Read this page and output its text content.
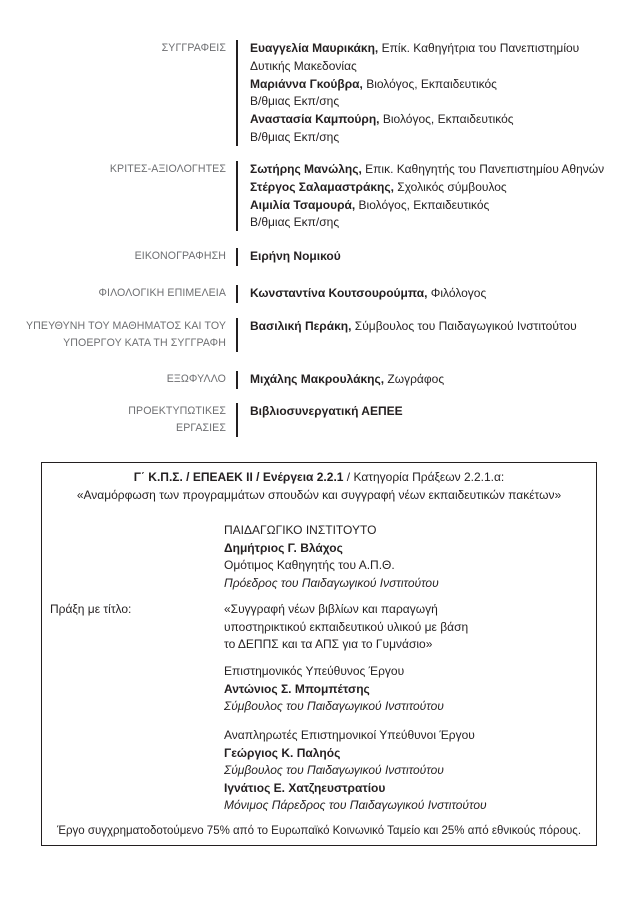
ΣΥΓΓΡΑΦΕΙΣ Ευαγγελία Μαυρικάκη, Επίκ. Καθηγήτρια του Πανεπιστημίου
Δυτικής Μακεδονίας
Μαριάννα Γκούβρα, Βιολόγος, Εκπαιδευτικός
Β/θμιας Εκπ/σης
Αναστασία Καμπούρη, Βιολόγος, Εκπαιδευτικός
Β/θμιας Εκπ/σης
ΚΡΙΤΕΣ-ΑΞΙΟΛΟΓΗΤΕΣ Σωτήρης Μανώλης, Επικ. Καθηγητής του Πανεπιστημίου Αθηνών
Στέργος Σαλαμαστράκης, Σχολικός σύμβουλος
Αιμιλία Τσαμουρά, Βιολόγος, Εκπαιδευτικός
Β/θμιας Εκπ/σης
ΕΙΚΟΝΟΓΡΑΦΗΣΗ Ειρήνη Νομικού
ΦΙΛΟΛΟΓΙΚΗ ΕΠΙΜΕΛΕΙΑ Κωνσταντίνα Κουτσουρούμπα, Φιλόλογος
ΥΠΕΥΘΥΝΗ ΤΟΥ ΜΑΘΗΜΑΤΟΣ ΚΑΙ ΤΟΥ
ΥΠΟΕΡΓΟΥ ΚΑΤΑ ΤΗ ΣΥΓΓΡΑΦΗ
Βασιλική Περάκη, Σύμβουλος του Παιδαγωγικού Ινστιτούτου
ΕΞΩΦΥΛΛΟ Μιχάλης Μακρουλάκης, Ζωγράφος
ΠΡΟΕΚΤΥΠΩΤΙΚΕΣ
ΕΡΓΑΣΙΕΣ
Βιβλιοσυνεργατική ΑΕΠΕΕ
Γ΄ Κ.Π.Σ. / ΕΠΕΑΕΚ ΙΙ / Ενέργεια 2.2.1 / Κατηγορία Πράξεων 2.2.1.α:
«Αναμόρφωση των προγραμμάτων σπουδών και συγγραφή νέων εκπαιδευτικών πακέτων»
ΠΑΙΔΑΓΩΓΙΚΟ ΙΝΣΤΙΤΟΥΤΟ
Δημήτριος Γ. Βλάχος
Ομότιμος Καθηγητής του Α.Π.Θ.
Πρόεδρος του Παιδαγωγικού Ινστιτούτου
Πράξη με τίτλο:	«Συγγραφή νέων βιβλίων και παραγωγή
υποστηρικτικού εκπαιδευτικού υλικού με βάση
το ΔΕΠΠΣ και τα ΑΠΣ για το Γυμνάσιο»
Επιστημονικός Υπεύθυνος Έργου
Αντώνιος Σ. Μπομπέτσης
Σύμβουλος του Παιδαγωγικού Ινστιτούτου
Αναπληρωτές Επιστημονικοί Υπεύθυνοι Έργου
Γεώργιος Κ. Παληός
Σύμβουλος του Παιδαγωγικού Ινστιτούτου
Ιγνάτιος Ε. Χατζηευστρατίου
Μόνιμος Πάρεδρος του Παιδαγωγικού Ινστιτούτου
Έργο συγχρηματοδοτούμενο 75% από το Ευρωπαϊκό Κοινωνικό Ταμείο και 25% από εθνικούς πόρους.
